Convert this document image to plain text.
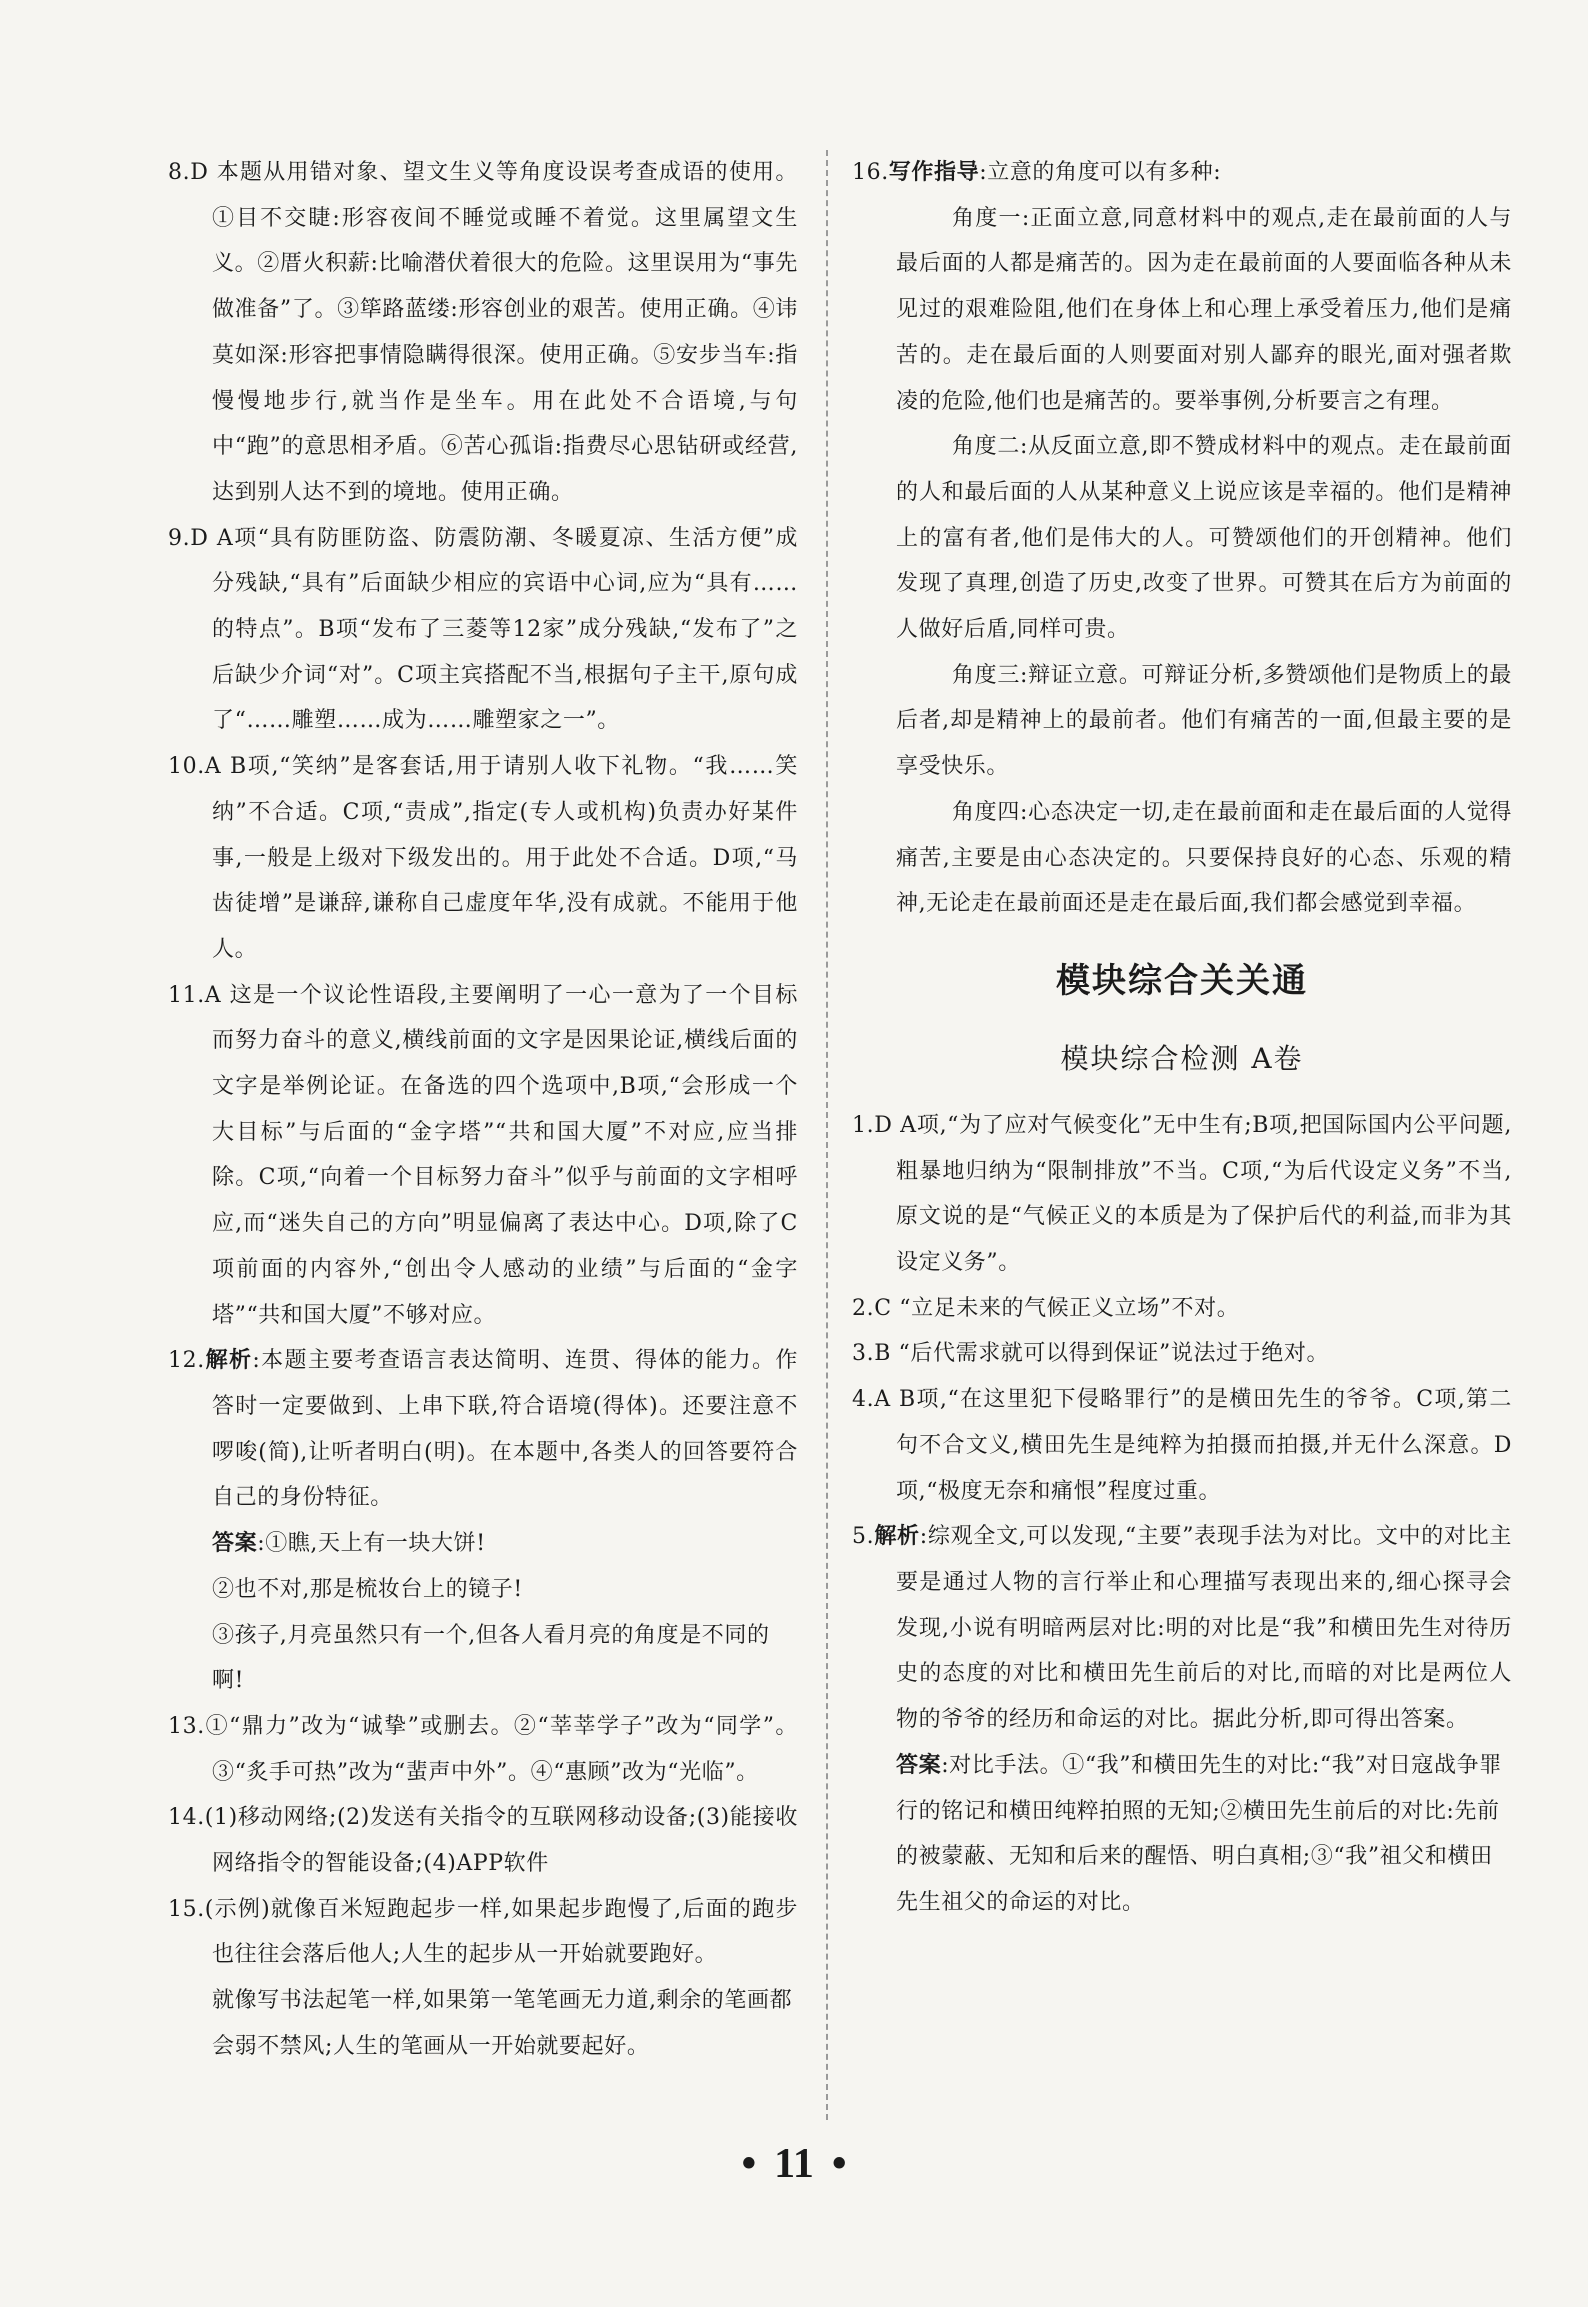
8.D 本题从用错对象、望文生义等角度设误考查成语的使用。①目不交睫:形容夜间不睡觉或睡不着觉。这里属望文生义。②厝火积薪:比喻潜伏着很大的危险。这里误用为“事先做准备”了。③筚路蓝缕:形容创业的艰苦。使用正确。④讳莫如深:形容把事情隐瞒得很深。使用正确。⑤安步当车:指慢慢地步行,就当作是坐车。用在此处不合语境,与句中“跑”的意思相矛盾。⑥苦心孤诣:指费尽心思钻研或经营,达到别人达不到的境地。使用正确。
9.D A项“具有防匪防盗、防震防潮、冬暖夏凉、生活方便”成分残缺,“具有”后面缺少相应的宾语中心词,应为“具有……的特点”。B项“发布了三菱等12家”成分残缺,“发布了”之后缺少介词“对”。C项主宾搭配不当,根据句子主干,原句成了“……雕塑……成为……雕塑家之一”。
10.A B项,“笑纳”是客套话,用于请别人收下礼物。“我……笑纳”不合适。C项,“责成”,指定(专人或机构)负责办好某件事,一般是上级对下级发出的。用于此处不合适。D项,“马齿徒增”是谦辞,谦称自己虚度年华,没有成就。不能用于他人。
11.A 这是一个议论性语段,主要阐明了一心一意为了一个目标而努力奋斗的意义,横线前面的文字是因果论证,横线后面的文字是举例论证。在备选的四个选项中,B项,“会形成一个大目标”与后面的“金字塔”“共和国大厦”不对应,应当排除。C项,“向着一个目标努力奋斗”似乎与前面的文字相呼应,而“迷失自己的方向”明显偏离了表达中心。D项,除了C项前面的内容外,“创出令人感动的业绩”与后面的“金字塔”“共和国大厦”不够对应。
12.解析:本题主要考查语言表达简明、连贯、得体的能力。作答时一定要做到、上串下联,符合语境(得体)。还要注意不啰唆(简),让听者明白(明)。在本题中,各类人的回答要符合自己的身份特征。
答案:①瞧,天上有一块大饼!
②也不对,那是梳妆台上的镜子!
③孩子,月亮虽然只有一个,但各人看月亮的角度是不同的啊!
13.①“鼎力”改为“诚挚”或删去。②“莘莘学子”改为“同学”。③“炙手可热”改为“蜚声中外”。④“惠顾”改为“光临”。
14.(1)移动网络;(2)发送有关指令的互联网移动设备;(3)能接收网络指令的智能设备;(4)APP软件
15.(示例)就像百米短跑起步一样,如果起步跑慢了,后面的跑步也往往会落后他人;人生的起步从一开始就要跑好。
就像写书法起笔一样,如果第一笔笔画无力道,剩余的笔画都会弱不禁风;人生的笔画从一开始就要起好。
16.写作指导:立意的角度可以有多种:
角度一:正面立意,同意材料中的观点,走在最前面的人与最后面的人都是痛苦的。因为走在最前面的人要面临各种从未见过的艰难险阻,他们在身体上和心理上承受着压力,他们是痛苦的。走在最后面的人则要面对别人鄙弃的眼光,面对强者欺凌的危险,他们也是痛苦的。要举事例,分析要言之有理。
角度二:从反面立意,即不赞成材料中的观点。走在最前面的人和最后面的人从某种意义上说应该是幸福的。他们是精神上的富有者,他们是伟大的人。可赞颂他们的开创精神。他们发现了真理,创造了历史,改变了世界。可赞其在后方为前面的人做好后盾,同样可贵。
角度三:辩证立意。可辩证分析,多赞颂他们是物质上的最后者,却是精神上的最前者。他们有痛苦的一面,但最主要的是享受快乐。
角度四:心态决定一切,走在最前面和走在最后面的人觉得痛苦,主要是由心态决定的。只要保持良好的心态、乐观的精神,无论走在最前面还是走在最后面,我们都会感觉到幸福。
模块综合关关通
模块综合检测 A卷
1.D A项,“为了应对气候变化”无中生有;B项,把国际国内公平问题,粗暴地归纳为“限制排放”不当。C项,“为后代设定义务”不当,原文说的是“气候正义的本质是为了保护后代的利益,而非为其设定义务”。
2.C “立足未来的气候正义立场”不对。
3.B “后代需求就可以得到保证”说法过于绝对。
4.A B项,“在这里犯下侵略罪行”的是横田先生的爷爷。C项,第二句不合文义,横田先生是纯粹为拍摄而拍摄,并无什么深意。D项,“极度无奈和痛恨”程度过重。
5.解析:综观全文,可以发现,“主要”表现手法为对比。文中的对比主要是通过人物的言行举止和心理描写表现出来的,细心探寻会发现,小说有明暗两层对比:明的对比是“我”和横田先生对待历史的态度的对比和横田先生前后的对比,而暗的对比是两位人物的爷爷的经历和命运的对比。据此分析,即可得出答案。
答案:对比手法。①“我”和横田先生的对比:“我”对日寇战争罪行的铭记和横田纯粹拍照的无知;②横田先生前后的对比:先前的被蒙蔽、无知和后来的醒悟、明白真相;③“我”祖父和横田先生祖父的命运的对比。
• 11 •
